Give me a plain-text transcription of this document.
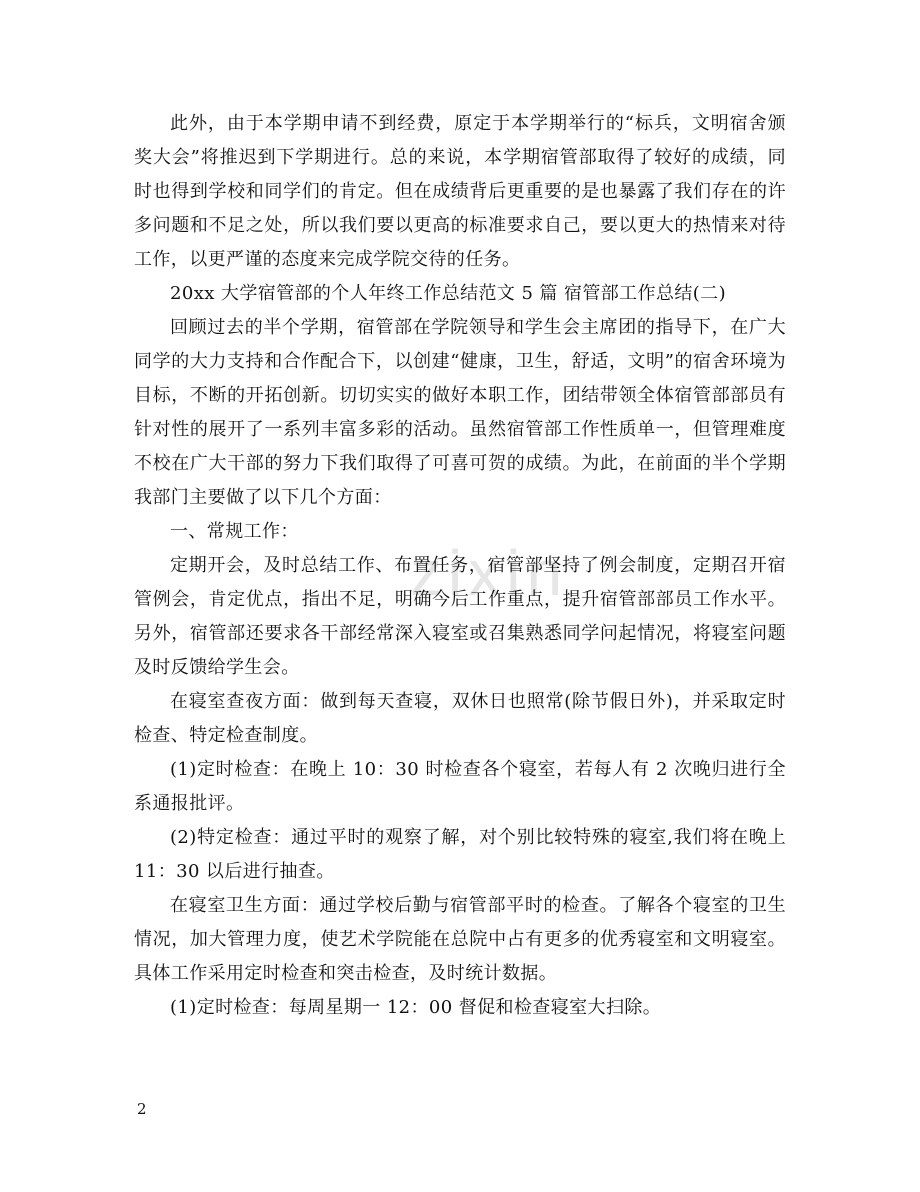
zixin

此外，由于本学期申请不到经费，原定于本学期举行的“标兵，文明宿舍颁奖大会”将推迟到下学期进行。总的来说，本学期宿管部取得了较好的成绩，同时也得到学校和同学们的肯定。但在成绩背后更重要的是也暴露了我们存在的许多问题和不足之处，所以我们要以更高的标准要求自己，要以更大的热情来对待工作，以更严谨的态度来完成学院交待的任务。

20xx 大学宿管部的个人年终工作总结范文 5 篇 宿管部工作总结(二)

回顾过去的半个学期，宿管部在学院领导和学生会主席团的指导下，在广大同学的大力支持和合作配合下，以创建“健康，卫生，舒适，文明”的宿舍环境为目标，不断的开拓创新。切切实实的做好本职工作，团结带领全体宿管部部员有针对性的展开了一系列丰富多彩的活动。虽然宿管部工作性质单一，但管理难度不校在广大干部的努力下我们取得了可喜可贺的成绩。为此，在前面的半个学期我部门主要做了以下几个方面：

一、常规工作：

定期开会，及时总结工作、布置任务，宿管部坚持了例会制度，定期召开宿管例会，肯定优点，指出不足，明确今后工作重点，提升宿管部部员工作水平。另外，宿管部还要求各干部经常深入寝室或召集熟悉同学问起情况，将寝室问题及时反馈给学生会。

在寝室查夜方面：做到每天查寝，双休日也照常(除节假日外)，并采取定时检查、特定检查制度。

(1)定时检查：在晚上 10：30 时检查各个寝室，若每人有 2 次晚归进行全系通报批评。

(2)特定检查：通过平时的观察了解，对个别比较特殊的寝室,我们将在晚上11：30 以后进行抽查。

在寝室卫生方面：通过学校后勤与宿管部平时的检查。了解各个寝室的卫生情况，加大管理力度，使艺术学院能在总院中占有更多的优秀寝室和文明寝室。具体工作采用定时检查和突击检查，及时统计数据。

(1)定时检查：每周星期一 12：00 督促和检查寝室大扫除。

2
